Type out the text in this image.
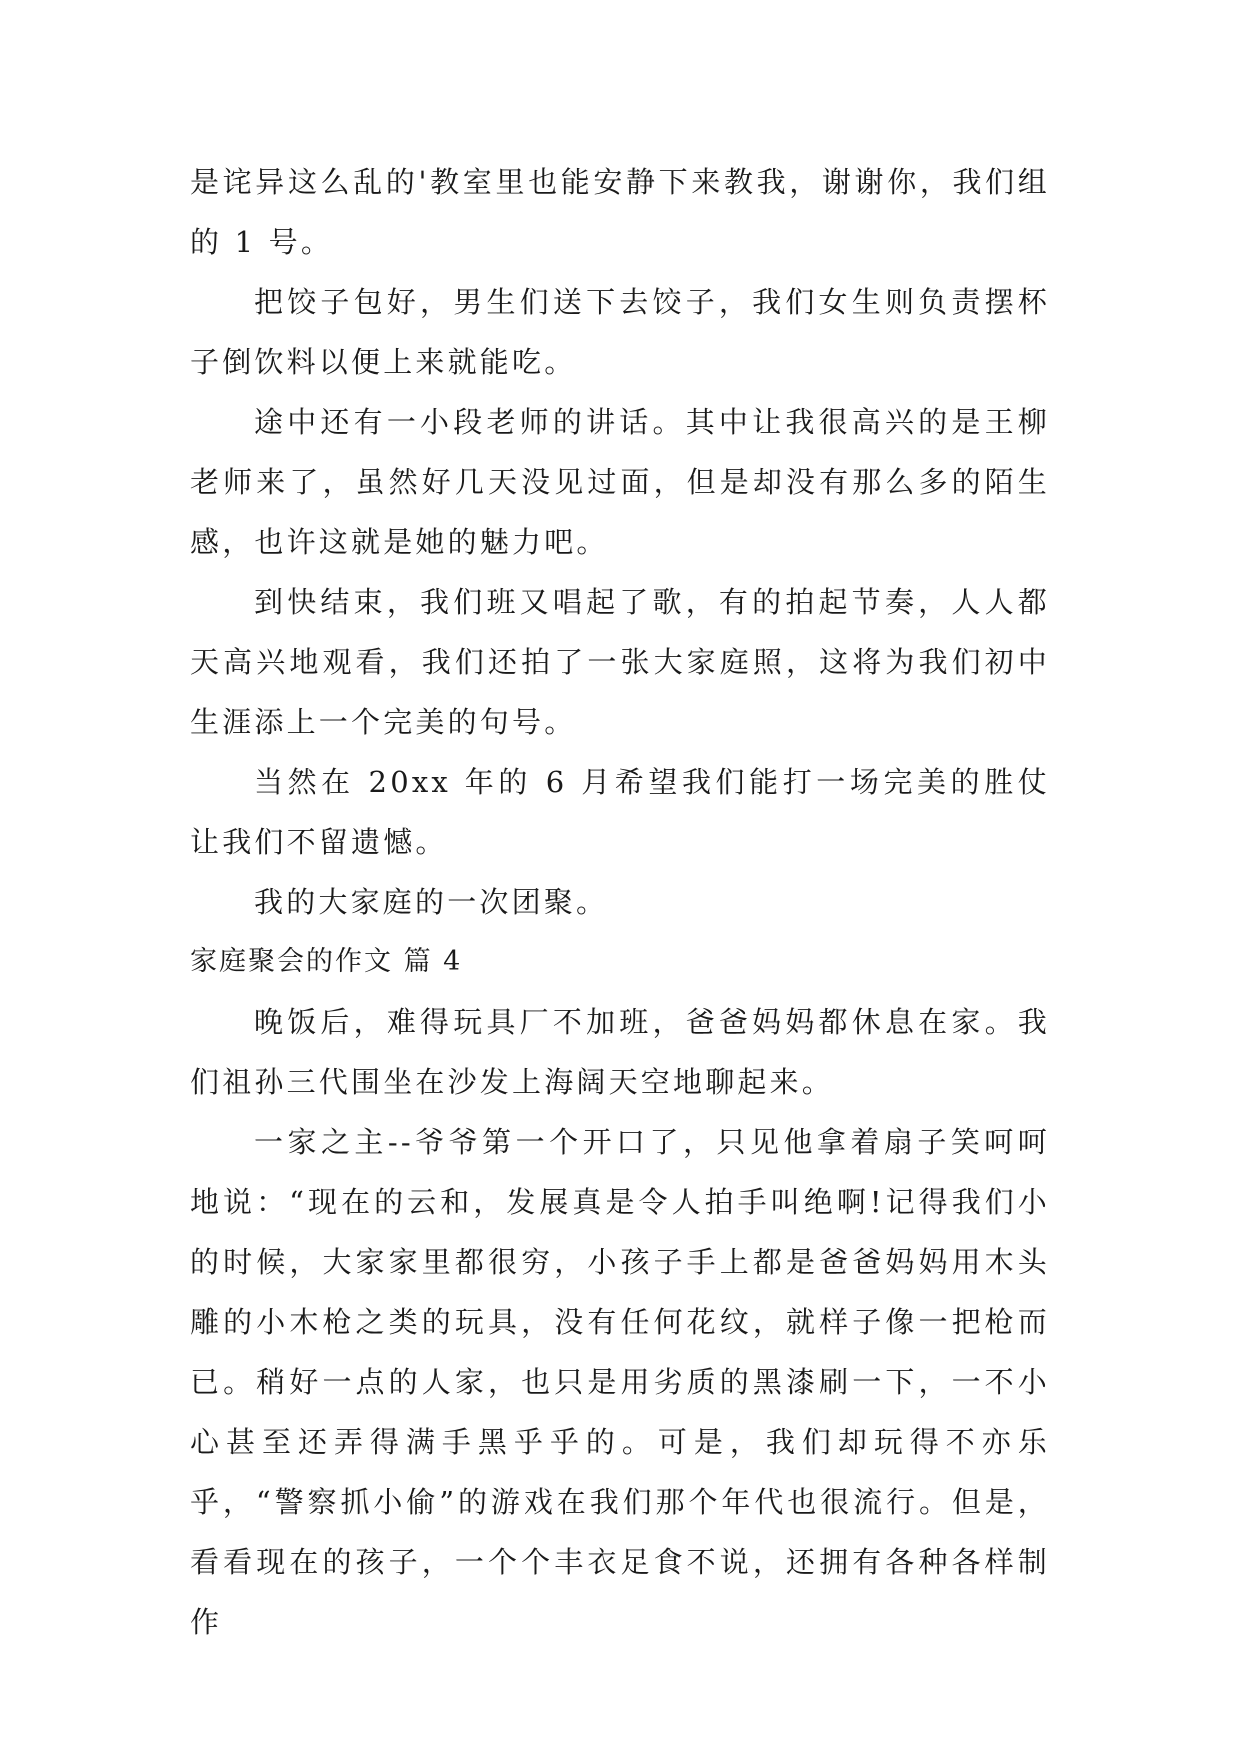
是诧异这么乱的'教室里也能安静下来教我，谢谢你，我们组的 1 号。

把饺子包好，男生们送下去饺子，我们女生则负责摆杯子倒饮料以便上来就能吃。

途中还有一小段老师的讲话。其中让我很高兴的是王柳老师来了，虽然好几天没见过面，但是却没有那么多的陌生感，也许这就是她的魅力吧。

到快结束，我们班又唱起了歌，有的拍起节奏，人人都天高兴地观看，我们还拍了一张大家庭照，这将为我们初中生涯添上一个完美的句号。

当然在 20xx 年的 6 月希望我们能打一场完美的胜仗让我们不留遗憾。

我的大家庭的一次团聚。

家庭聚会的作文 篇 4

晚饭后，难得玩具厂不加班，爸爸妈妈都休息在家。我们祖孙三代围坐在沙发上海阔天空地聊起来。

一家之主--爷爷第一个开口了，只见他拿着扇子笑呵呵地说：“现在的云和，发展真是令人拍手叫绝啊!记得我们小的时候，大家家里都很穷，小孩子手上都是爸爸妈妈用木头雕的小木枪之类的玩具，没有任何花纹，就样子像一把枪而已。稍好一点的人家，也只是用劣质的黑漆刷一下，一不小心甚至还弄得满手黑乎乎的。可是，我们却玩得不亦乐乎，“警察抓小偷”的游戏在我们那个年代也很流行。但是，看看现在的孩子，一个个丰衣足食不说，还拥有各种各样制作
